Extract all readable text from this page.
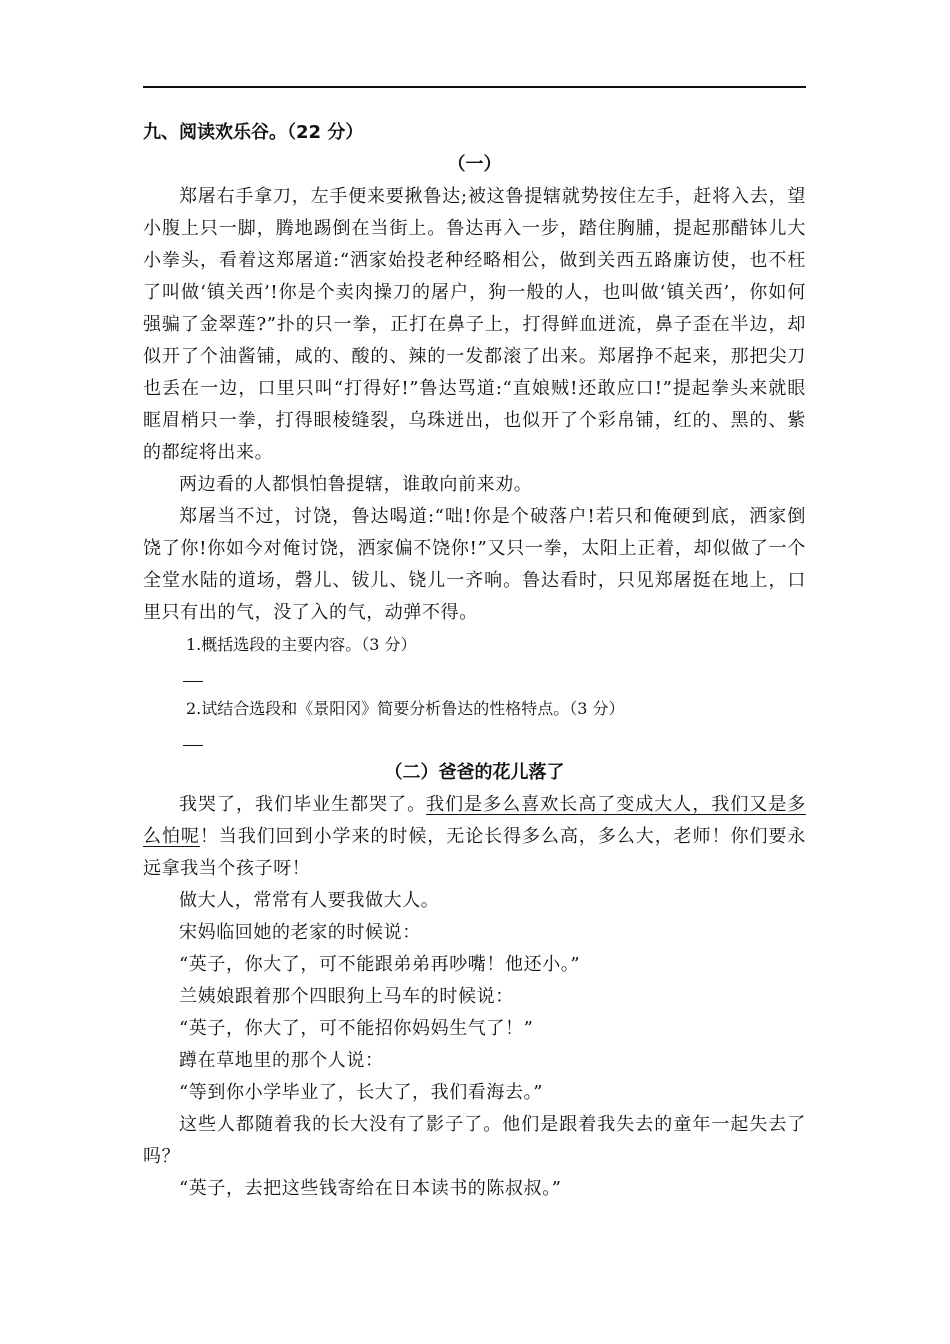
九、阅读欢乐谷。（22 分）

（一）

郑屠右手拿刀，左手便来要揪鲁达;被这鲁提辖就势按住左手，赶将入去，望小腹上只一脚，腾地踢倒在当街上。鲁达再入一步，踏住胸脯，提起那醋钵儿大小拳头，看着这郑屠道:“洒家始投老种经略相公，做到关西五路廉访使，也不枉了叫做‘镇关西’!你是个卖肉操刀的屠户，狗一般的人，也叫做‘镇关西’，你如何强骗了金翠莲?”扑的只一拳，正打在鼻子上，打得鲜血迸流，鼻子歪在半边，却似开了个油酱铺，咸的、酸的、辣的一发都滚了出来。郑屠挣不起来，那把尖刀也丢在一边，口里只叫“打得好!”鲁达骂道:“直娘贼!还敢应口!”提起拳头来就眼眶眉梢只一拳，打得眼棱缝裂，乌珠迸出，也似开了个彩帛铺，红的、黑的、紫的都绽将出来。

两边看的人都惧怕鲁提辖，谁敢向前来劝。

郑屠当不过，讨饶，鲁达喝道:“咄!你是个破落户!若只和俺硬到底，洒家倒饶了你!你如今对俺讨饶，洒家偏不饶你!”又只一拳，太阳上正着，却似做了一个全堂水陆的道场，磬儿、钹儿、铙儿一齐响。鲁达看时，只见郑屠挺在地上，口里只有出的气，没了入的气，动弹不得。

1.概括选段的主要内容。（3 分）

2.试结合选段和《景阳冈》简要分析鲁达的性格特点。（3 分）

（二）爸爸的花儿落了

我哭了，我们毕业生都哭了。我们是多么喜欢长高了变成大人，我们又是多么怕呢！当我们回到小学来的时候，无论长得多么高，多么大，老师！你们要永远拿我当个孩子呀！

做大人，常常有人要我做大人。

宋妈临回她的老家的时候说：

“英子，你大了，可不能跟弟弟再吵嘴！他还小。”

兰姨娘跟着那个四眼狗上马车的时候说：

“英子，你大了，可不能招你妈妈生气了！”

蹲在草地里的那个人说：

“等到你小学毕业了，长大了，我们看海去。”

这些人都随着我的长大没有了影子了。他们是跟着我失去的童年一起失去了吗？

“英子，去把这些钱寄给在日本读书的陈叔叔。”
